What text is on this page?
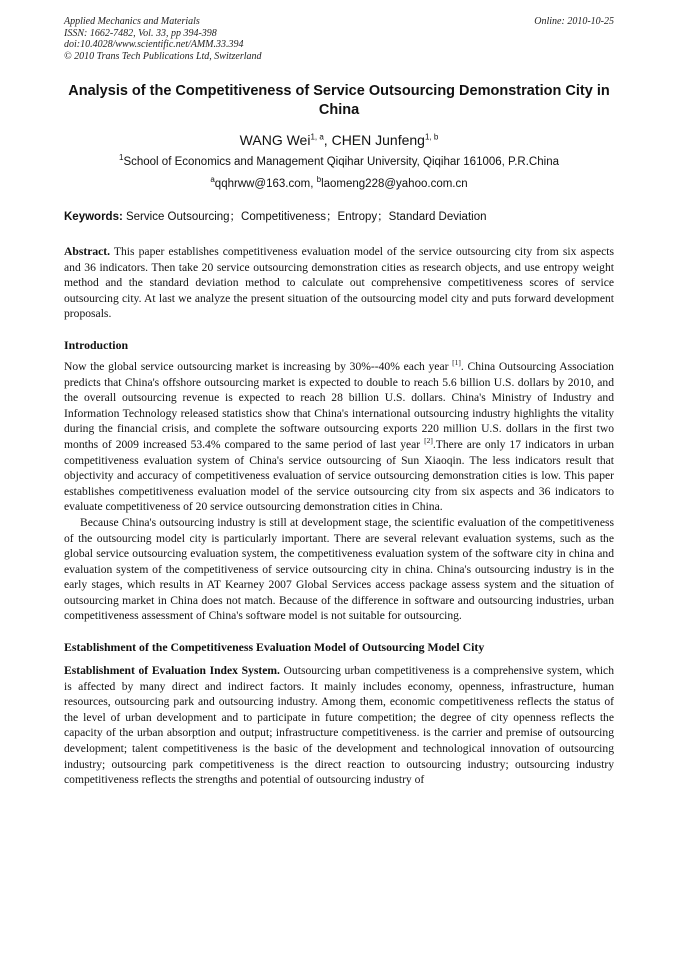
Applied Mechanics and Materials
ISSN: 1662-7482, Vol. 33, pp 394-398
doi:10.4028/www.scientific.net/AMM.33.394
© 2010 Trans Tech Publications Ltd, Switzerland
Online: 2010-10-25
Analysis of the Competitiveness of Service Outsourcing Demonstration City in China
WANG Wei$^{1, a}$, CHEN Junfeng$^{1, b}$
$^1$School of Economics and Management Qiqihar University, Qiqihar 161006, P.R.China
$^a$qqhrww@163.com, $^b$laomeng228@yahoo.com.cn
Keywords: Service Outsourcing；Competitiveness；Entropy；Standard Deviation
Abstract. This paper establishes competitiveness evaluation model of the service outsourcing city from six aspects and 36 indicators. Then take 20 service outsourcing demonstration cities as research objects, and use entropy weight method and the standard deviation method to calculate out comprehensive competitiveness scores of service outsourcing city. At last we analyze the present situation of the outsourcing model city and puts forward development proposals.
Introduction
Now the global service outsourcing market is increasing by 30%--40% each year [1]. China Outsourcing Association predicts that China's offshore outsourcing market is expected to double to reach 5.6 billion U.S. dollars by 2010, and the overall outsourcing revenue is expected to reach 28 billion U.S. dollars. China's Ministry of Industry and Information Technology released statistics show that China's international outsourcing industry highlights the vitality during the financial crisis, and complete the software outsourcing exports 220 million U.S. dollars in the first two months of 2009 increased 53.4% compared to the same period of last year [2].There are only 17 indicators in urban competitiveness evaluation system of China's service outsourcing of Sun Xiaoqin. The less indicators result that objectivity and accuracy of competitiveness evaluation of service outsourcing demonstration cities is low. This paper establishes competitiveness evaluation model of the service outsourcing city from six aspects and 36 indicators to evaluate competitiveness of 20 service outsourcing demonstration cities in China.
Because China's outsourcing industry is still at development stage, the scientific evaluation of the competitiveness of the outsourcing model city is particularly important. There are several relevant evaluation systems, such as the global service outsourcing evaluation system, the competitiveness evaluation system of the software city in china and evaluation system of the competitiveness of service outsourcing city in china. China's outsourcing industry is in the early stages, which results in AT Kearney 2007 Global Services access package assess system and the situation of outsourcing market in China does not match. Because of the difference in software and outsourcing industries, urban competitiveness assessment of China's software model is not suitable for outsourcing.
Establishment of the Competitiveness Evaluation Model of Outsourcing Model City
Establishment of Evaluation Index System. Outsourcing urban competitiveness is a comprehensive system, which is affected by many direct and indirect factors. It mainly includes economy, openness, infrastructure, human resources, outsourcing park and outsourcing industry. Among them, economic competitiveness reflects the status of the level of urban development and to participate in future competition; the degree of city openness reflects the capacity of the urban absorption and output; infrastructure competitiveness. is the carrier and premise of outsourcing development; talent competitiveness is the basic of the development and technological innovation of outsourcing industry; outsourcing park competitiveness is the direct reaction to outsourcing industry; outsourcing industry competitiveness reflects the strengths and potential of outsourcing industry of
